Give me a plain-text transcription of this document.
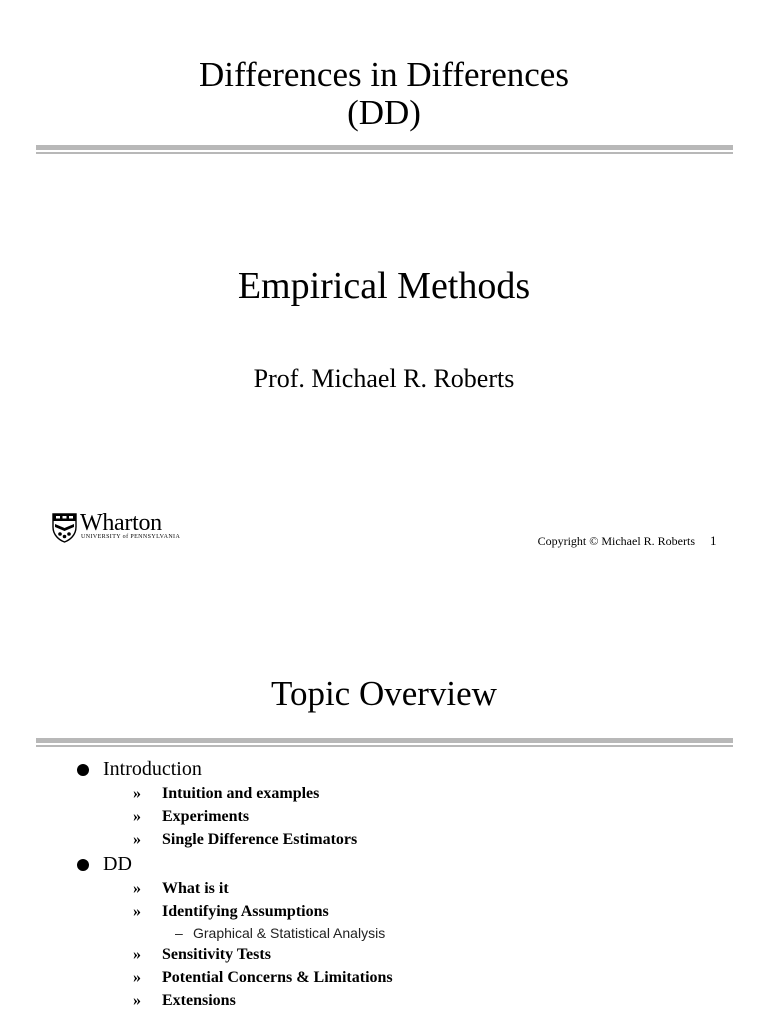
Differences in Differences
(DD)
Empirical Methods
Prof. Michael R. Roberts
Wharton
UNIVERSITY of PENNSYLVANIA	Copyright © Michael R. Roberts 1
Topic Overview
Introduction
» Intuition and examples
» Experiments
» Single Difference Estimators
DD
» What is it
» Identifying Assumptions
– Graphical & Statistical Analysis
» Sensitivity Tests
» Potential Concerns & Limitations
» Extensions
